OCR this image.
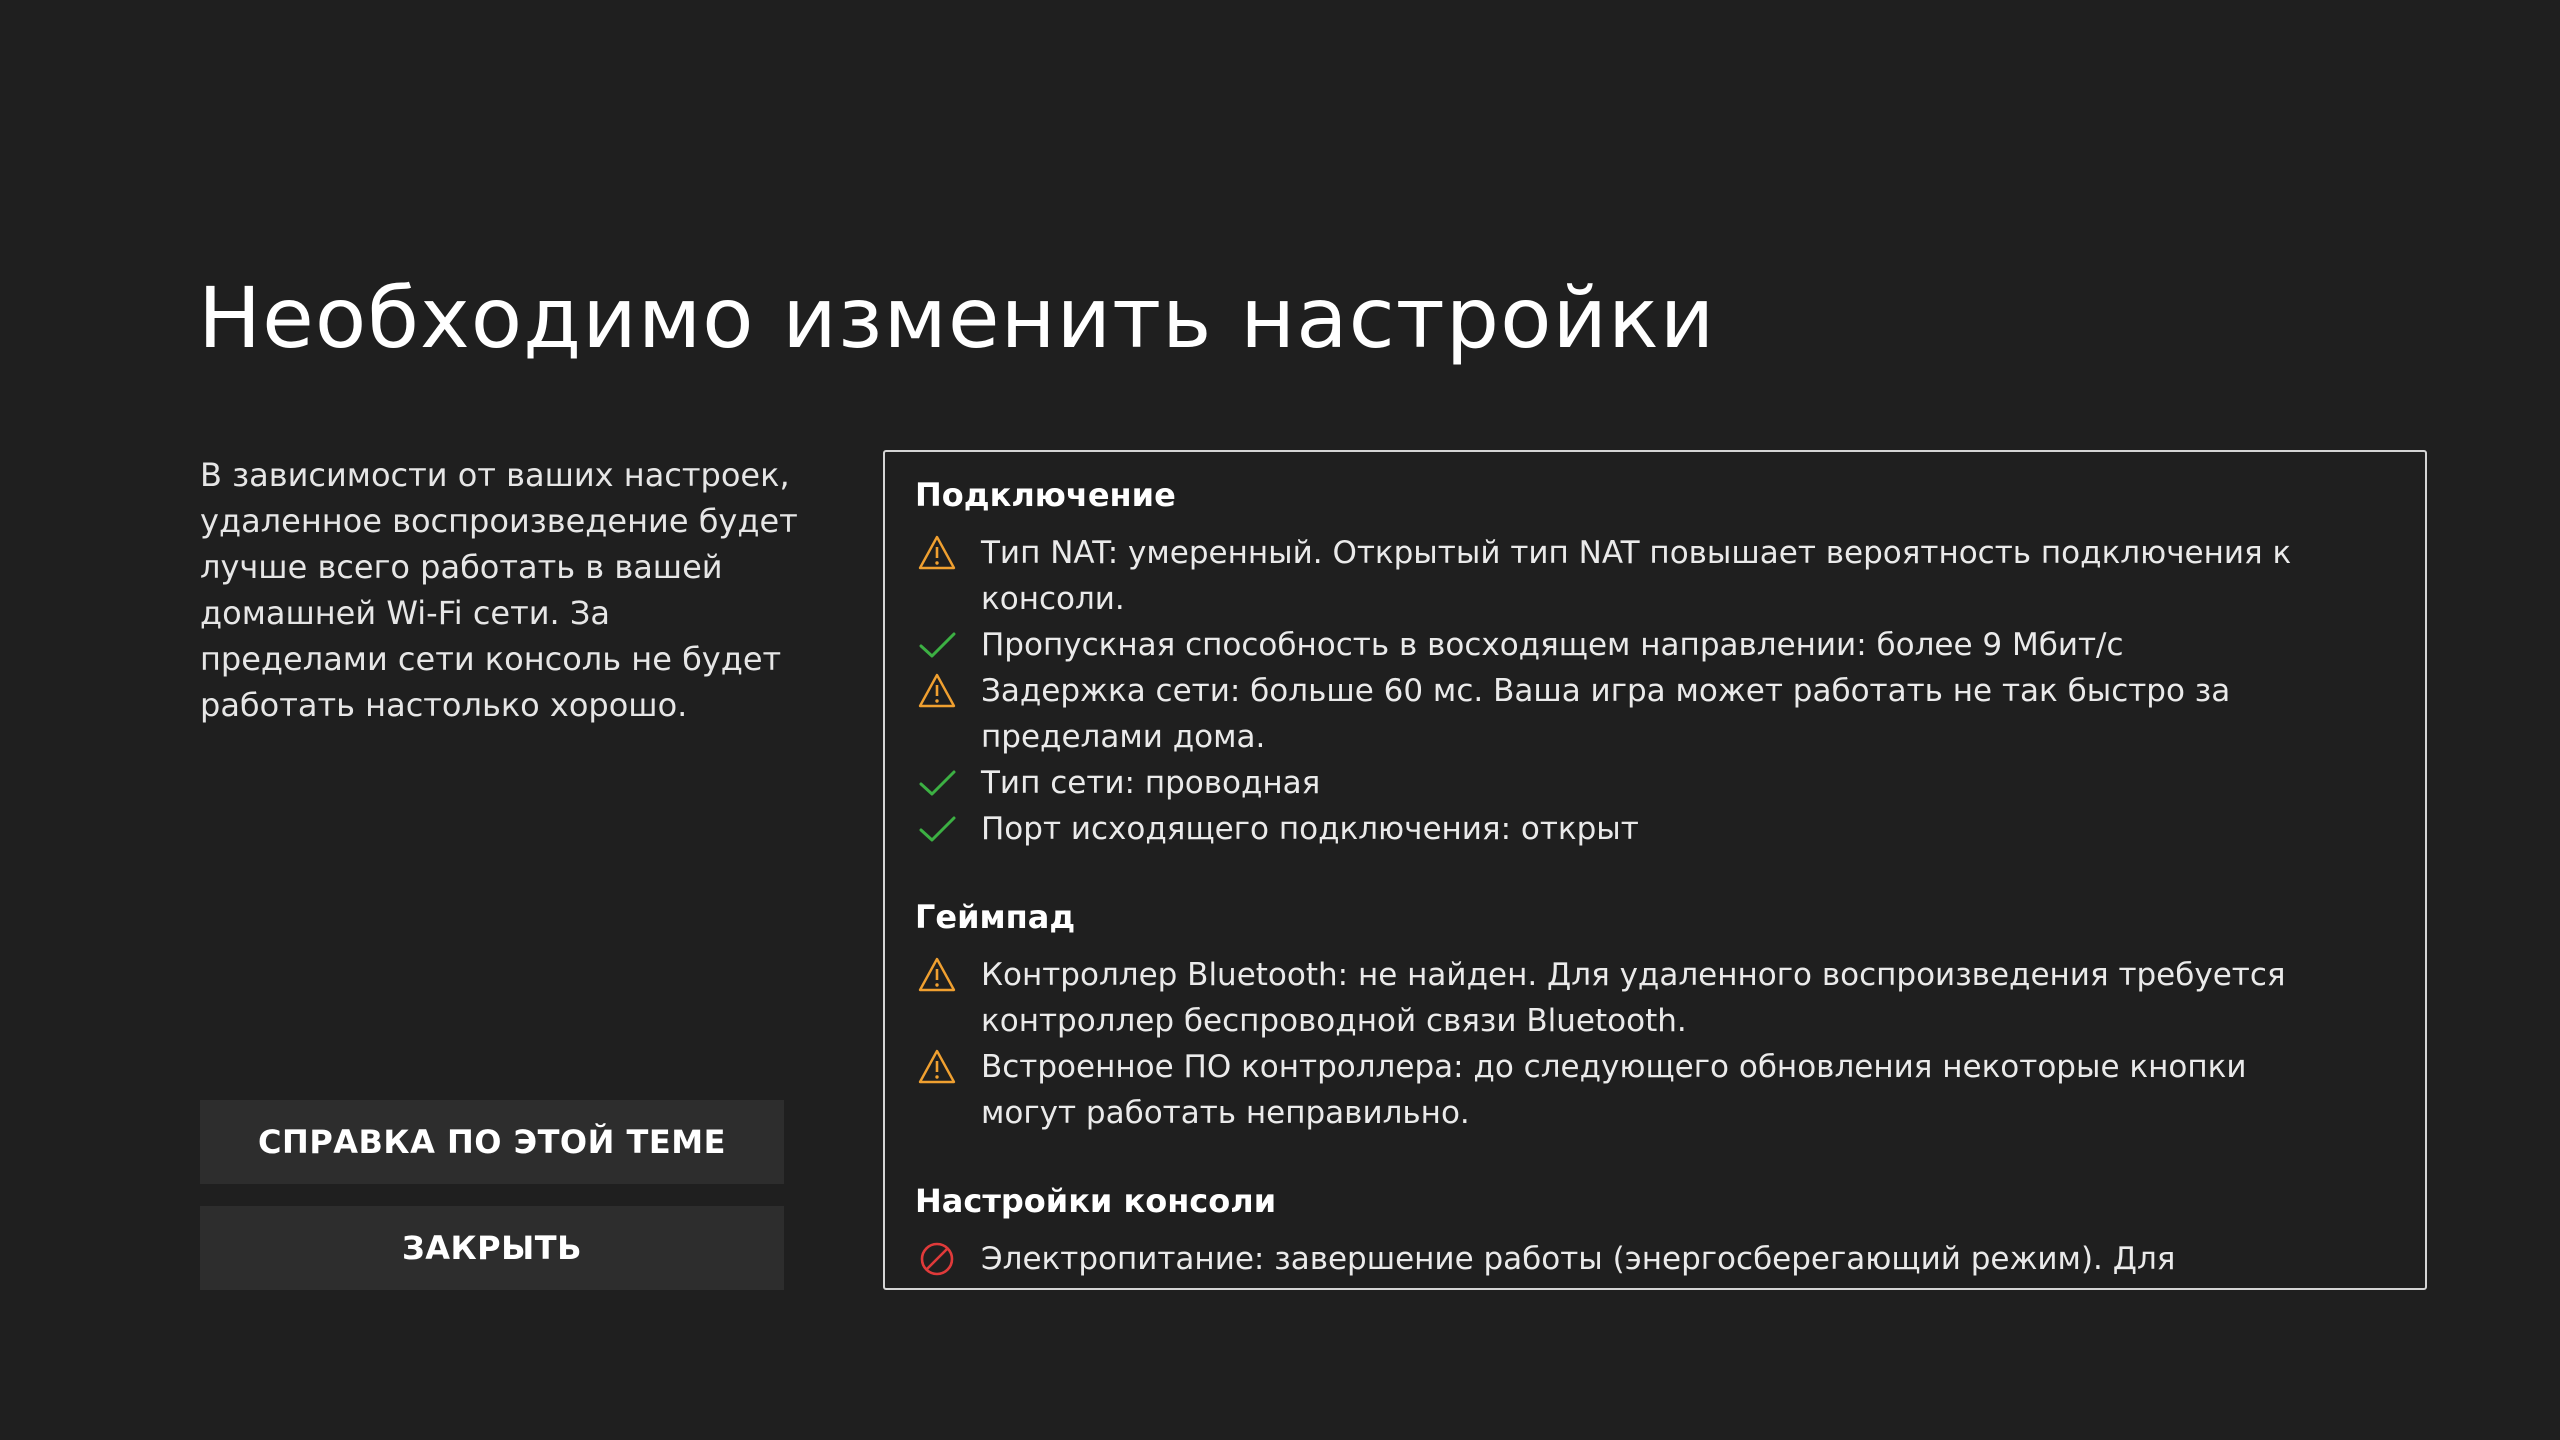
Необходимо изменить настройки

В зависимости от ваших настроек, удаленное воспроизведение будет лучше всего работать в вашей домашней Wi-Fi сети. За пределами сети консоль не будет работать настолько хорошо.

СПРАВКА ПО ЭТОЙ ТЕМЕ
ЗАКРЫТЬ
Подключение
Тип NAT: умеренный. Открытый тип NAT повышает вероятность подключения к консоли.
Пропускная способность в восходящем направлении: более 9 Мбит/с
Задержка сети: больше 60 мс. Ваша игра может работать не так быстро за пределами дома.
Тип сети: проводная
Порт исходящего подключения: открыт
Геймпад
Контроллер Bluetooth: не найден. Для удаленного воспроизведения требуется контроллер беспроводной связи Bluetooth.
Встроенное ПО контроллера: до следующего обновления некоторые кнопки могут работать неправильно.
Настройки консоли
Электропитание: завершение работы (энергосберегающий режим). Для
